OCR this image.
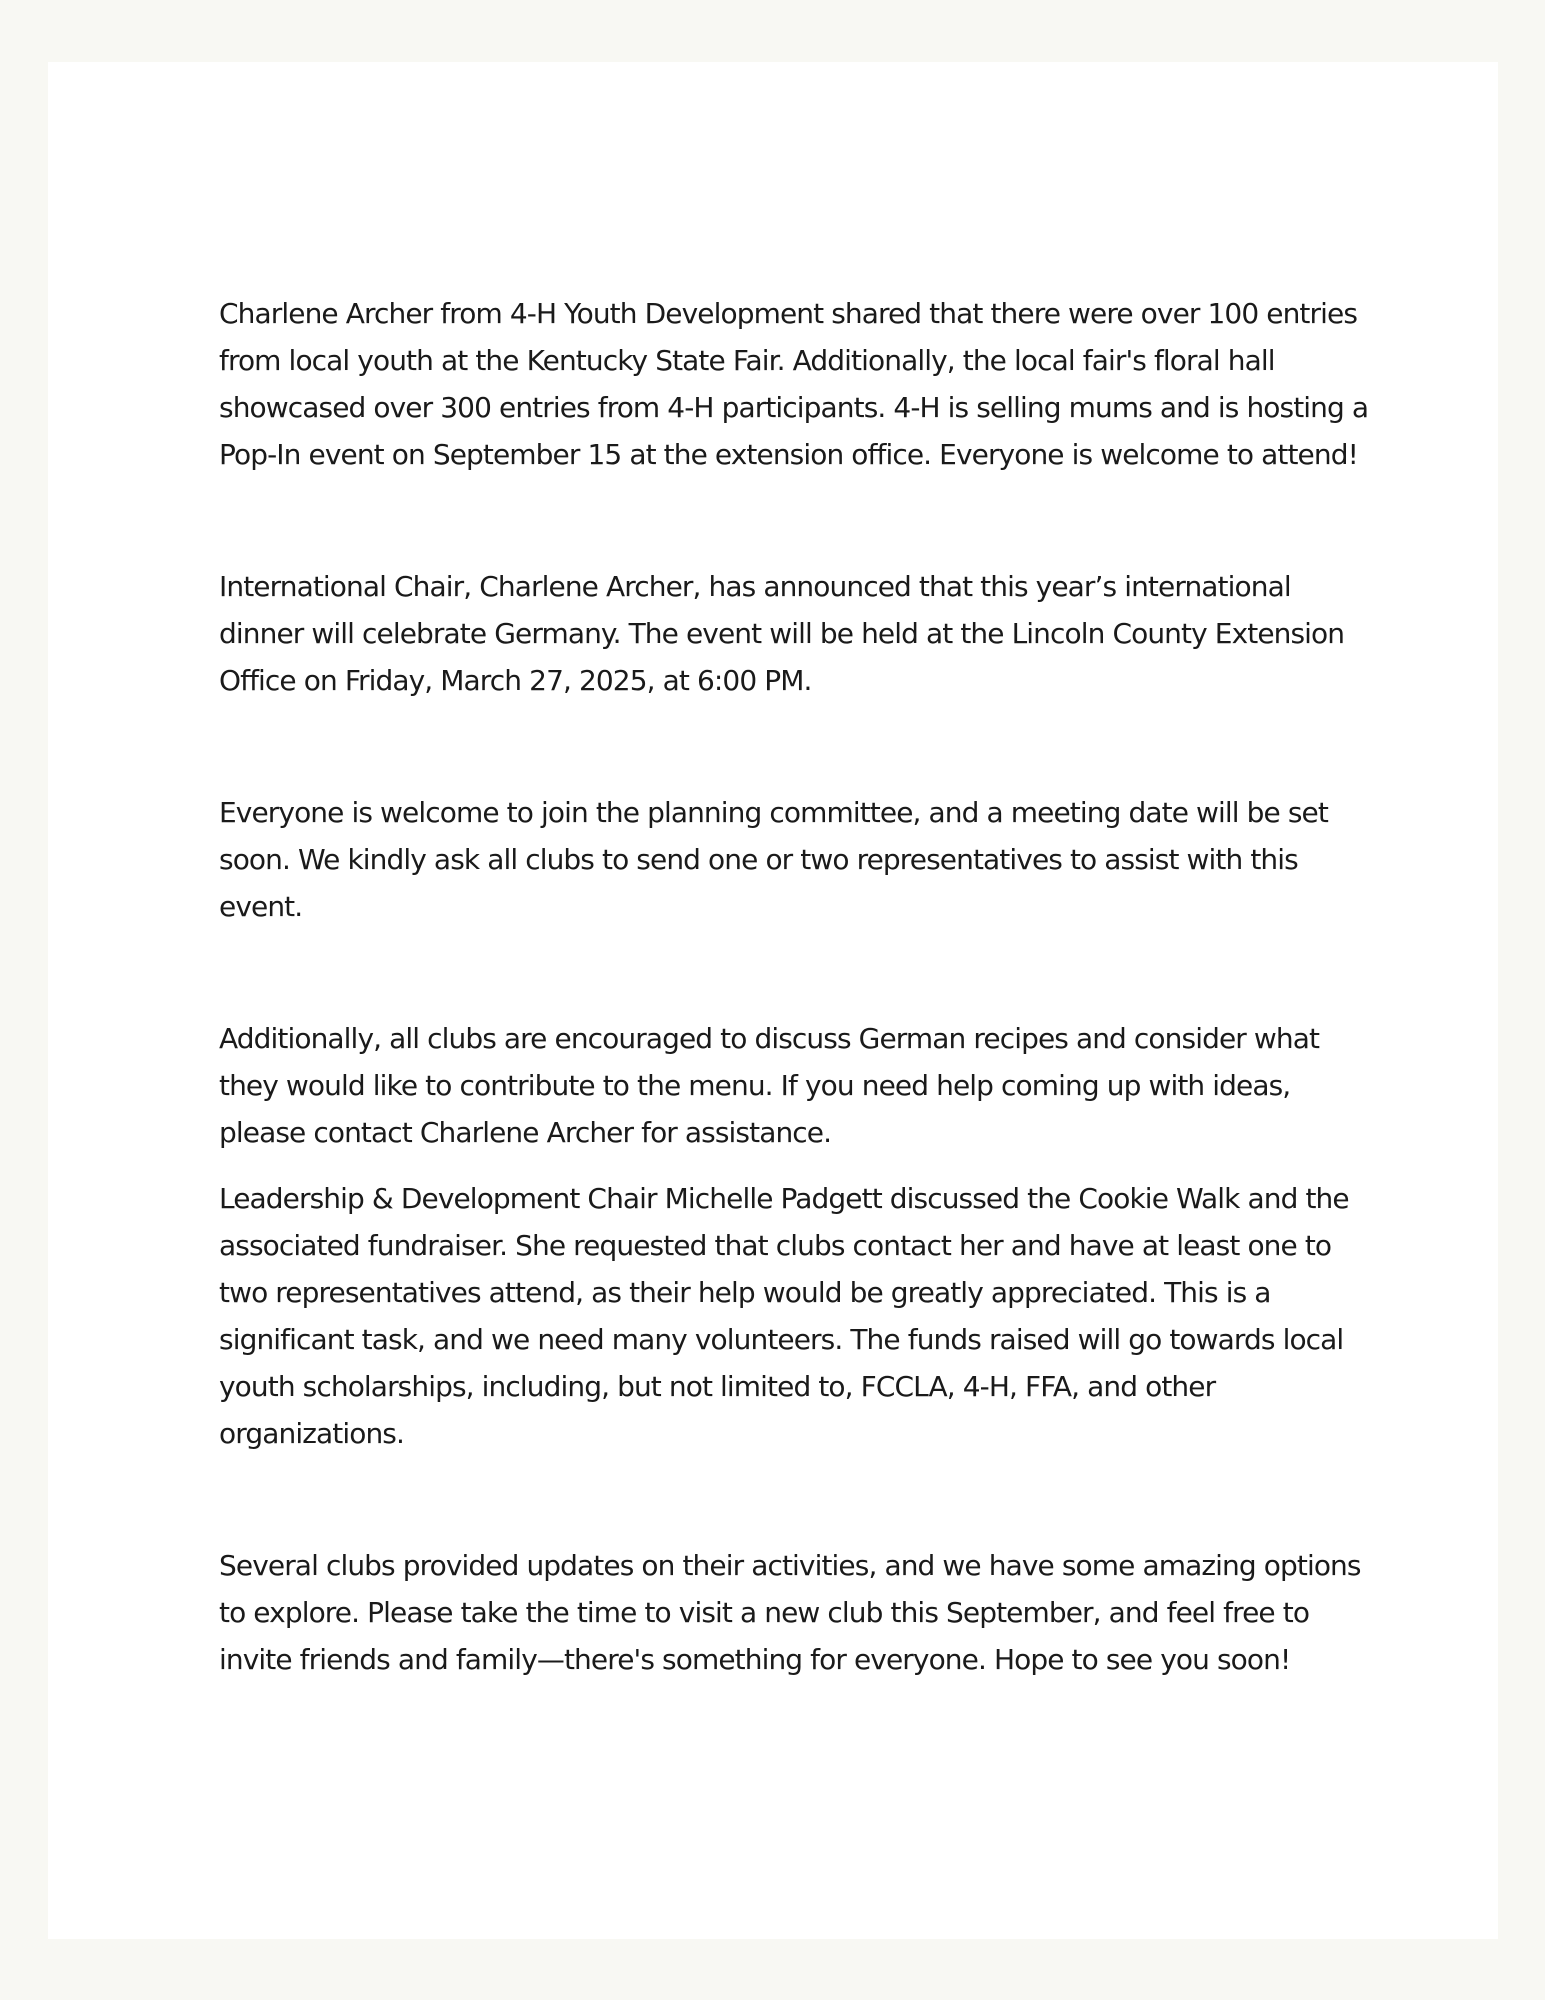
Charlene Archer from 4-H Youth Development shared that there were over 100 entries from local youth at the Kentucky State Fair. Additionally, the local fair's floral hall showcased over 300 entries from 4-H participants. 4-H is selling mums and is hosting a Pop-In event on September 15 at the extension office. Everyone is welcome to attend!

International Chair, Charlene Archer, has announced that this year’s international dinner will celebrate Germany. The event will be held at the Lincoln County Extension Office on Friday, March 27, 2025, at 6:00 PM.

Everyone is welcome to join the planning committee, and a meeting date will be set soon. We kindly ask all clubs to send one or two representatives to assist with this event.

Additionally, all clubs are encouraged to discuss German recipes and consider what they would like to contribute to the menu. If you need help coming up with ideas, please contact Charlene Archer for assistance.

Leadership & Development Chair Michelle Padgett discussed the Cookie Walk and the associated fundraiser. She requested that clubs contact her and have at least one to two representatives attend, as their help would be greatly appreciated. This is a significant task, and we need many volunteers. The funds raised will go towards local youth scholarships, including, but not limited to, FCCLA, 4-H, FFA, and other organizations.

Several clubs provided updates on their activities, and we have some amazing options to explore. Please take the time to visit a new club this September, and feel free to invite friends and family—there's something for everyone. Hope to see you soon!
